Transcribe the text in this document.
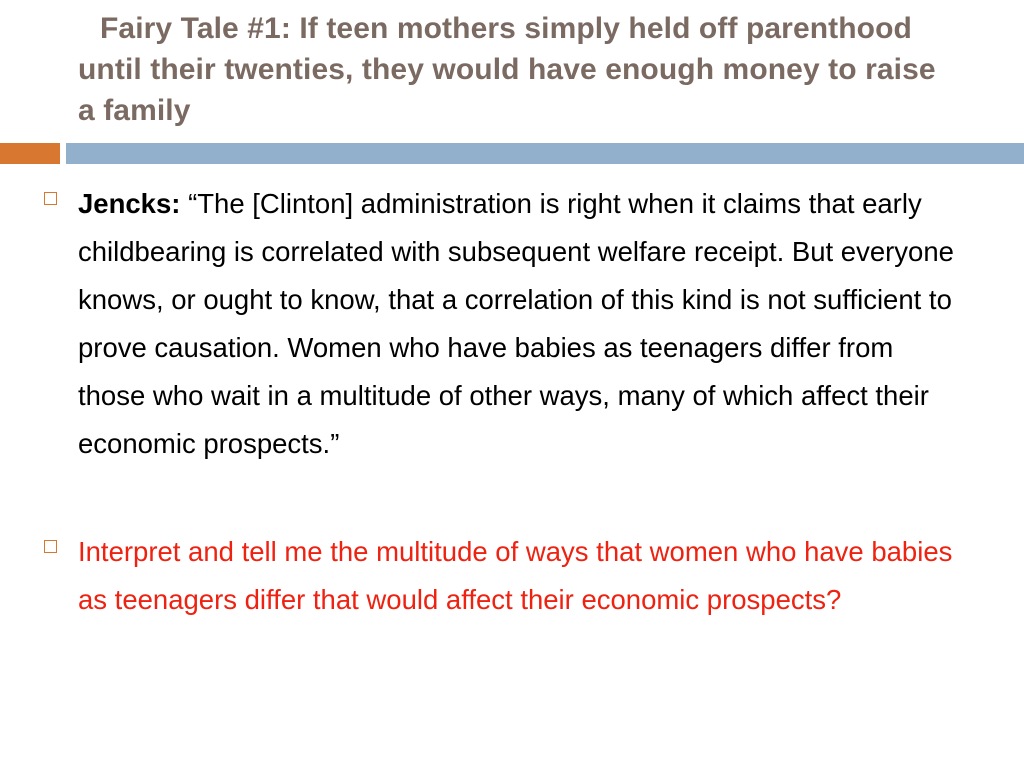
Fairy Tale #1: If teen mothers simply held off parenthood until their twenties, they would have enough money to raise a family
Jencks: “The [Clinton] administration is right when it claims that early childbearing is correlated with subsequent welfare receipt. But everyone knows, or ought to know, that a correlation of this kind is not sufficient to prove causation. Women who have babies as teenagers differ from those who wait in a multitude of other ways, many of which affect their economic prospects.”
Interpret and tell me the multitude of ways that women who have babies as teenagers differ that would affect their economic prospects?
